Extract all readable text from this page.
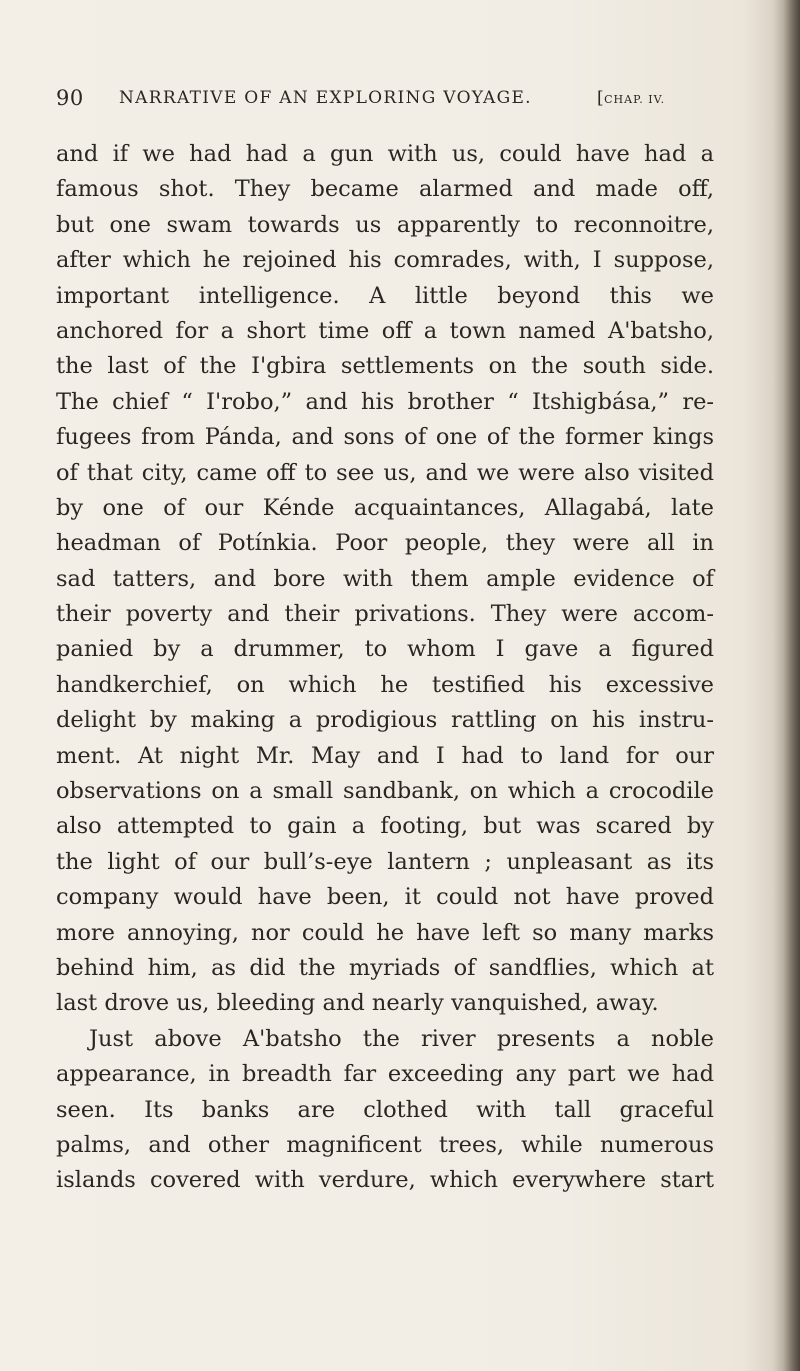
90 NARRATIVE OF AN EXPLORING VOYAGE.	[CHAP. IV.
and if we had had a gun with us, could have had a
famous shot. They became alarmed and made off,
but one swam towards us apparently to reconnoitre,
after which he rejoined his comrades, with, I suppose,
important intelligence. A little beyond this we
anchored for a short time off a town named A'batsho,
the last of the I'gbira settlements on the south side.
The chief “ I'robo,” and his brother “ Itshigbása,” re-
fugees from Pánda, and sons of one of the former kings
of that city, came off to see us, and we were also visited
by one of our Kénde acquaintances, Allagabá, late
headman of Potínkia. Poor people, they were all in
sad tatters, and bore with them ample evidence of
their poverty and their privations. They were accom-
panied by a drummer, to whom I gave a figured
handkerchief, on which he testified his excessive
delight by making a prodigious rattling on his instru-
ment. At night Mr. May and I had to land for our
observations on a small sandbank, on which a crocodile
also attempted to gain a footing, but was scared by
the light of our bull’s-eye lantern ; unpleasant as its
company would have been, it could not have proved
more annoying, nor could he have left so many marks
behind him, as did the myriads of sandflies, which at
last drove us, bleeding and nearly vanquished, away.
Just above A'batsho the river presents a noble
appearance, in breadth far exceeding any part we had
seen. Its banks are clothed with tall graceful
palms, and other magnificent trees, while numerous
islands covered with verdure, which everywhere start
